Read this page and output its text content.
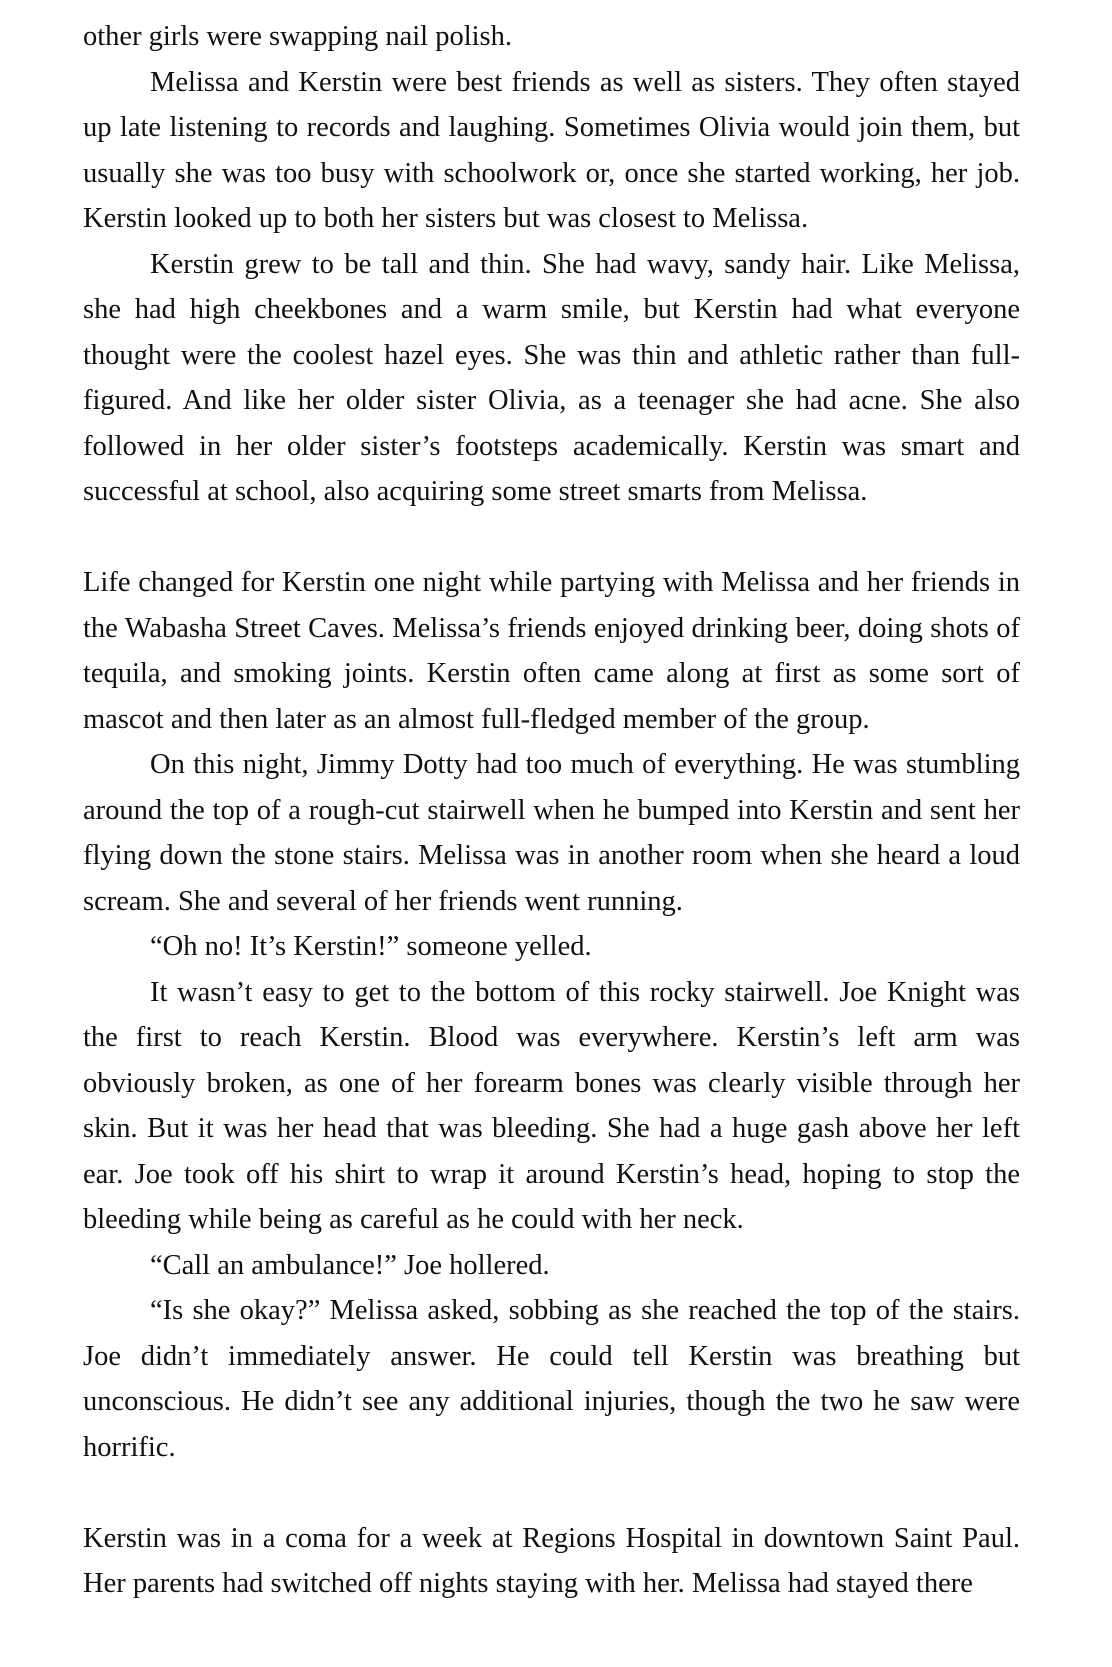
other girls were swapping nail polish.

Melissa and Kerstin were best friends as well as sisters. They often stayed up late listening to records and laughing. Sometimes Olivia would join them, but usually she was too busy with schoolwork or, once she started working, her job. Kerstin looked up to both her sisters but was closest to Melissa.

Kerstin grew to be tall and thin. She had wavy, sandy hair. Like Melissa, she had high cheekbones and a warm smile, but Kerstin had what everyone thought were the coolest hazel eyes. She was thin and athletic rather than full-figured. And like her older sister Olivia, as a teenager she had acne. She also followed in her older sister’s footsteps academically. Kerstin was smart and successful at school, also acquiring some street smarts from Melissa.

Life changed for Kerstin one night while partying with Melissa and her friends in the Wabasha Street Caves. Melissa’s friends enjoyed drinking beer, doing shots of tequila, and smoking joints. Kerstin often came along at first as some sort of mascot and then later as an almost full-fledged member of the group.

On this night, Jimmy Dotty had too much of everything. He was stumbling around the top of a rough-cut stairwell when he bumped into Kerstin and sent her flying down the stone stairs. Melissa was in another room when she heard a loud scream. She and several of her friends went running.

“Oh no! It’s Kerstin!” someone yelled.

It wasn’t easy to get to the bottom of this rocky stairwell. Joe Knight was the first to reach Kerstin. Blood was everywhere. Kerstin’s left arm was obviously broken, as one of her forearm bones was clearly visible through her skin. But it was her head that was bleeding. She had a huge gash above her left ear. Joe took off his shirt to wrap it around Kerstin’s head, hoping to stop the bleeding while being as careful as he could with her neck.

“Call an ambulance!” Joe hollered.

“Is she okay?” Melissa asked, sobbing as she reached the top of the stairs. Joe didn’t immediately answer. He could tell Kerstin was breathing but unconscious. He didn’t see any additional injuries, though the two he saw were horrific.

Kerstin was in a coma for a week at Regions Hospital in downtown Saint Paul. Her parents had switched off nights staying with her. Melissa had stayed there
